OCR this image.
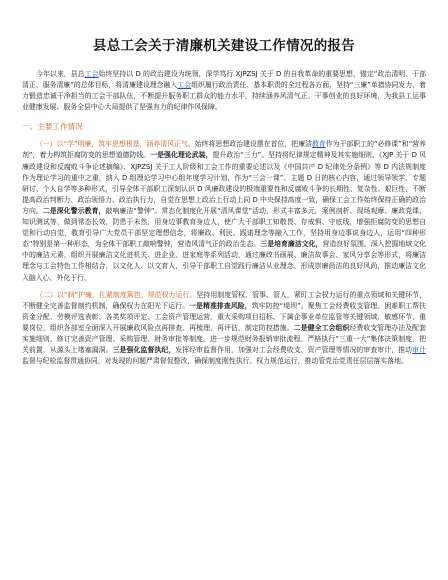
县总工会关于清廉机关建设工作情况的报告

今年以来，县总工会始终坚持以 D 的政治建设为统领，深学笃行 XJPZSJ 关于 D 的自我革命的重要思想，锚定“政治清明、干部清正、服务清廉”的总体目标，将清廉建设理念融入工会组织履行政治责任、基本职责的全过程各方面，坚持“三廉”单措协同发力，着力锻造忠诚干净担当的工会干部队伍，不断提升服务职工群众的能力水平，持续涵养风清气正、干事创业的良好环境，为我县工运事业健康发展、服务全县中心大局提供了坚强有力的纪律作风保障。

一、主要工作情况

（一）以“学”明廉，筑牢思想根基，涵养清风正气。始终将思想政治建设摆在首位，把廉洁教育作为干部职工的“必修课”和“营养剂”，着力构筑拒腐防变的思想道德防线。一是强化理论武装，提升政治“三力”。坚持将纪律规定精神及其实施细则、《XJP 关于 D 风廉政建设和反腐败斗争论述摘编》、XJPZSJ 关于工人阶级和工会工作的重要论述以及《中国共产 D 纪律处分条例》等 D 内法规制度作为理论学习的重中之重，纳入 D 组理论学习中心组年度学习计划，作为“三会一课”、主题 D 日的核心内容，通过领导领学、专题研讨、个人自学等多种形式，引导全体干部职工深刻认识 D 风廉政建设的极端重要性和反腐败斗争的长期性、复杂性、艰巨性，不断提高政治判断力、政治领悟力、政治执行力，自觉在思想上政治上行动上同 D 中央保持高度一致，确保工会工作始终保持正确的政治方向。二是深化警示教育，敲响廉洁“警钟”。常态化制度化开展“清风课堂”活动，形式丰富多元，案例剖析、现场观摩、廉政党课、知识测试等，做到常态长效，防患于未然，用身边事教育身边人，使广大干部职工知敬畏、存戒惧、守底线，增强拒腐防变的思想自觉和行动自觉，教育引导广大党员干部坚定理想信念，将廉政、利民、践诺理念等融入工作，坚持用身边事说身边人，运用“四种形态”特别是第一种形态，为全体干部职工敲响警钟，营造风清气正的政治生态。三是培育廉洁文化，营造良好氛围。深入挖掘地域文化中的廉洁元素，组织开展廉洁文化进机关、进企业、进家庭等系列活动，通过廉政书画展、廉洁故事会、家风分享会等形式，将廉洁理念与工会特色工作相结合，以文化人、以文育人，引导干部职工自觉践行廉洁从业理念，形成崇廉尚洁的良好风尚，推动廉洁文化入脑入心、外化于行。

（二）以“制”护廉，扎紧制度篱笆，规范权力运行。坚持用制度管权、管事、管人，紧盯工会权力运行的重点领域和关键环节，不断健全完善监督制约机制，确保权力在阳光下运行。一是精准排查风险，筑牢防控“堤坝”。聚焦工会经费收支管理、困难职工帮扶资金分配、劳模评选表彰、各类奖项评定、工会资产管理运营、重大采购项目招标、下属企事业单位监管等关键领域、敏感环节、重要岗位，组织各部室全面深入开展廉政风险点再排查、再梳理、再评估，制定防控措施。二是健全工会组织经费收支管理办法及配套实施细则，修订完善资产管理、采购管理、财务审批等制度，进一步规范财务报销审批流程、严格执行“三重一大”集体决策制度，把关前置，从源头上堵塞漏洞。三是强化监督执纪，发挥经审监督作用，加强对工会经费收支、资产管理等情况的审查审计，推动审计监督与纪检监督贯通协同，对发现的问题严肃督促整改，确保制度刚性执行、权力规范运行，推动管党治党责任层层落实落地。
